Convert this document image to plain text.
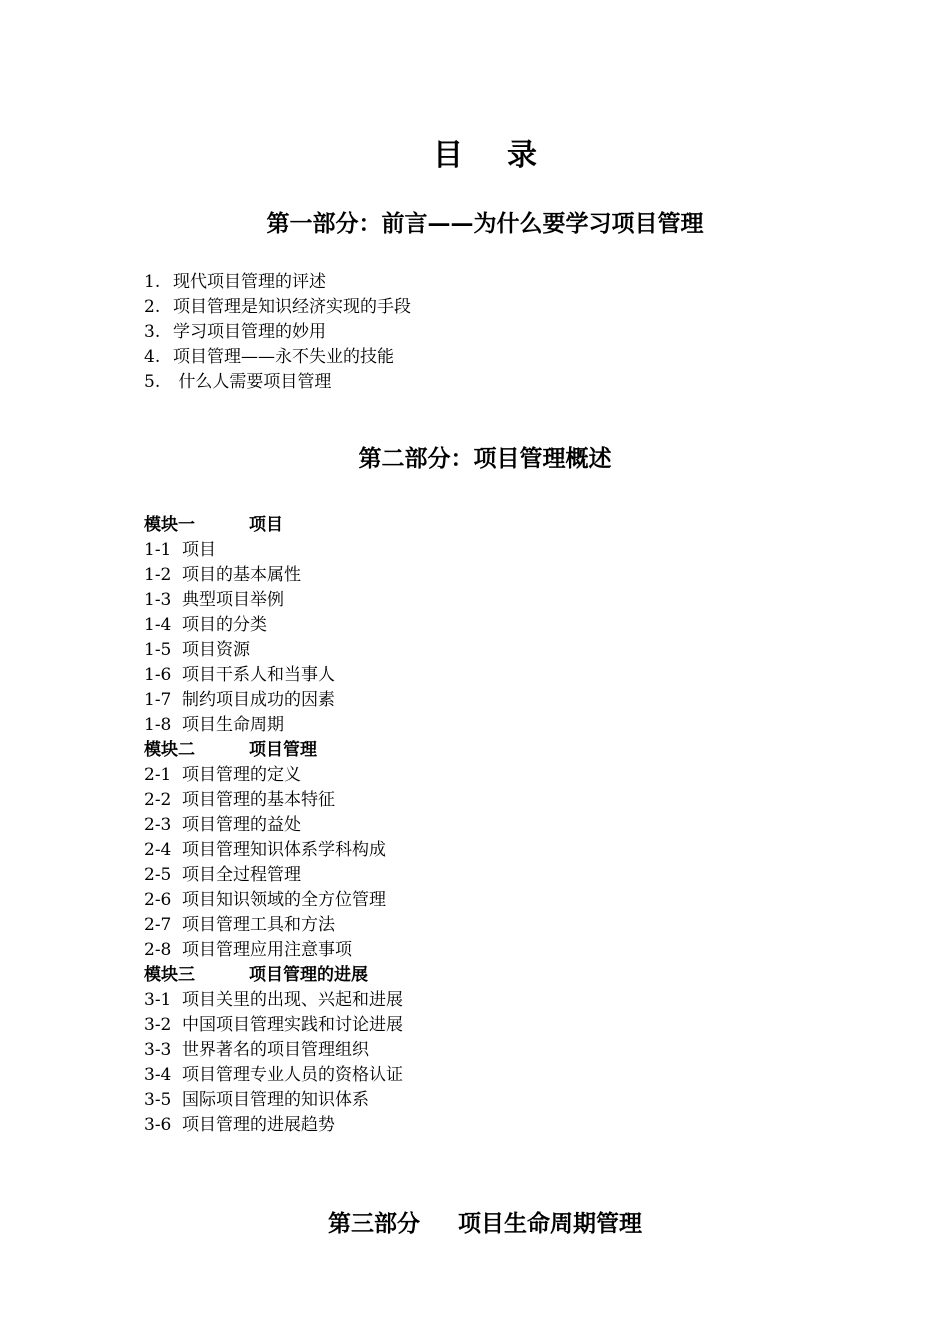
目 录
第一部分：前言——为什么要学习项目管理
1. 现代项目管理的评述
2. 项目管理是知识经济实现的手段
3. 学习项目管理的妙用
4. 项目管理——永不失业的技能
5. 什么人需要项目管理
第二部分：项目管理概述
模块一	项目
1-1 项目
1-2 项目的基本属性
1-3 典型项目举例
1-4 项目的分类
1-5 项目资源
1-6 项目干系人和当事人
1-7 制约项目成功的因素
1-8 项目生命周期
模块二	项目管理
2-1 项目管理的定义
2-2 项目管理的基本特征
2-3 项目管理的益处
2-4 项目管理知识体系学科构成
2-5 项目全过程管理
2-6 项目知识领域的全方位管理
2-7 项目管理工具和方法
2-8 项目管理应用注意事项
模块三	项目管理的进展
3-1 项目关里的出现、兴起和进展
3-2 中国项目管理实践和讨论进展
3-3 世界著名的项目管理组织
3-4 项目管理专业人员的资格认证
3-5 国际项目管理的知识体系
3-6 项目管理的进展趋势
第三部分 项目生命周期管理
